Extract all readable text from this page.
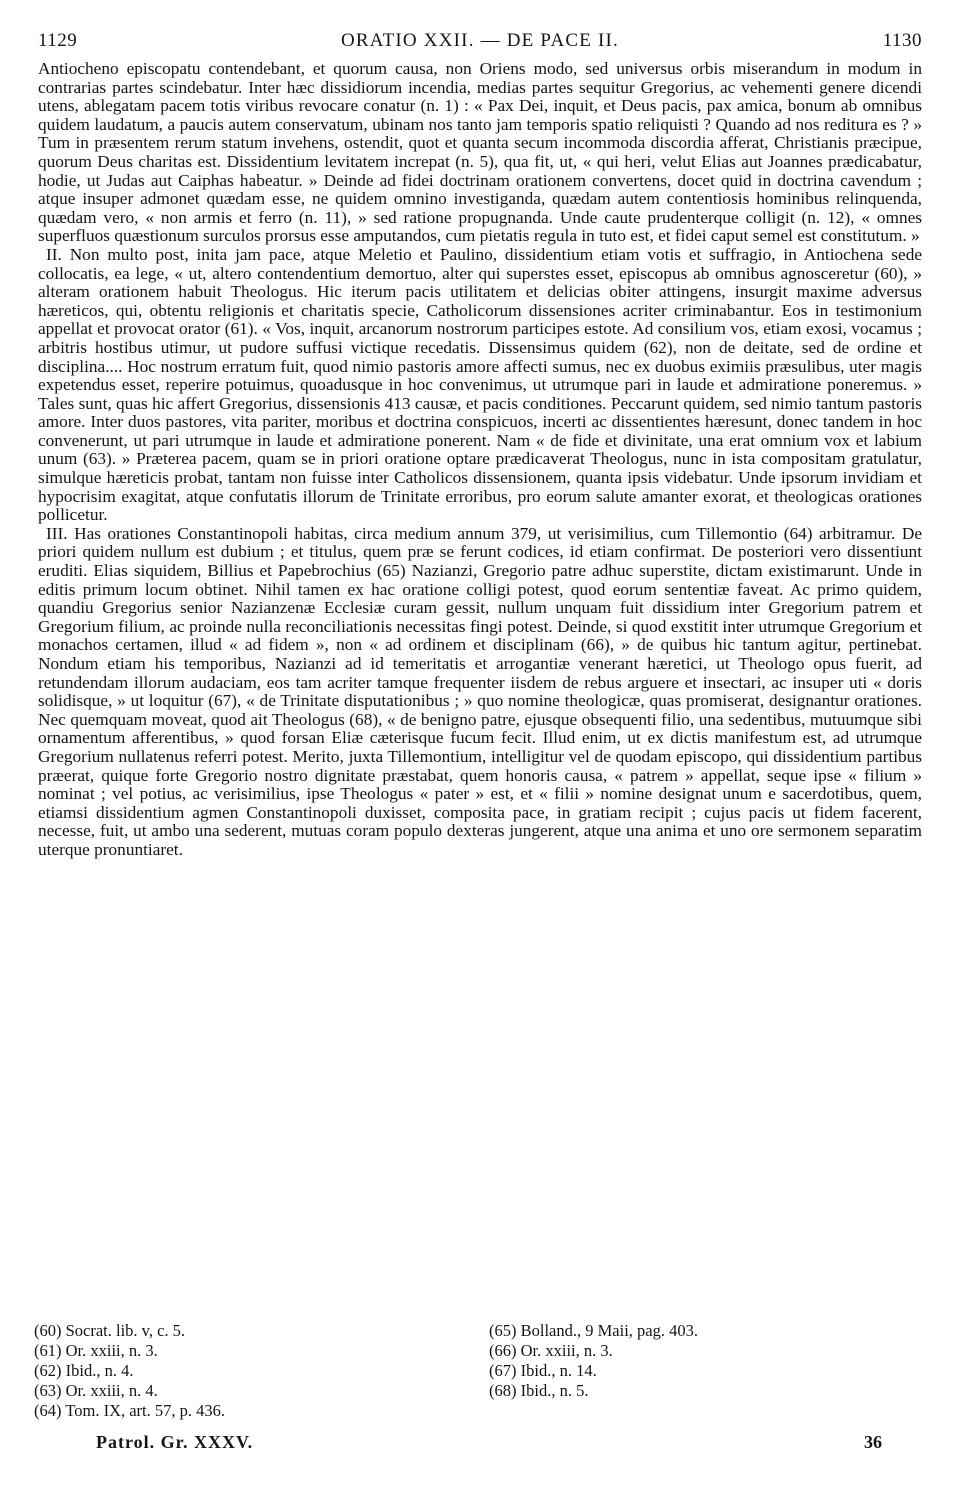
1129	ORATIO XXII. — DE PACE II.	1130

Antiocheno episcopatu contendebant, et quorum causa, non Oriens modo, sed universus orbis miserandum in modum in contrarias partes scindebatur. Inter hæc dissidiorum incendia, medias partes sequitur Gregorius, ac vehementi genere dicendi utens, ablegatam pacem totis viribus revocare conatur (n. 1) : « Pax Dei, inquit, et Deus pacis, pax amica, bonum ab omnibus quidem laudatum, a paucis autem conservatum, ubinam nos tanto jam temporis spatio reliquisti ? Quando ad nos reditura es ? » Tum in præsentem rerum statum invehens, ostendit, quot et quanta secum incommoda discordia afferat, Christianis præcipue, quorum Deus charitas est. Dissidentium levitatem increpat (n. 5), qua fit, ut, « qui heri, velut Elias aut Joannes prædicabatur, hodie, ut Judas aut Caiphas habeatur. » Deinde ad fidei doctrinam orationem convertens, docet quid in doctrina cavendum ; atque insuper admonet quædam esse, ne quidem omnino investiganda, quædam autem contentiosis hominibus relinquenda, quædam vero, « non armis et ferro (n. 11), » sed ratione propugnanda. Unde caute prudenterque colligit (n. 12), « omnes superfluos quæstionum surculos prorsus esse amputandos, cum pietatis regula in tuto est, et fidei caput semel est constitutum. »

II. Non multo post, inita jam pace, atque Meletio et Paulino, dissidentium etiam votis et suffragio, in Antiochena sede collocatis, ea lege, « ut, altero contendentium demortuo, alter qui superstes esset, episcopus ab omnibus agnosceretur (60), » alteram orationem habuit Theologus. Hic iterum pacis utilitatem et delicias obiter attingens, insurgit maxime adversus hæreticos, qui, obtentu religionis et charitatis specie, Catholicorum dissensiones acriter criminabantur. Eos in testimonium appellat et provocat orator (61). « Vos, inquit, arcanorum nostrorum participes estote. Ad consilium vos, etiam exosi, vocamus ; arbitris hostibus utimur, ut pudore suffusi victique recedatis. Dissensimus quidem (62), non de deitate, sed de ordine et disciplina.... Hoc nostrum erratum fuit, quod nimio pastoris amore affecti sumus, nec ex duobus eximiis præsulibus, uter magis expetendus esset, reperire potuimus, quoadusque in hoc convenimus, ut utrumque pari in laude et admiratione poneremus. » Tales sunt, quas hic affert Gregorius, dissensionis 413 causæ, et pacis conditiones. Peccarunt quidem, sed nimio tantum pastoris amore. Inter duos pastores, vita pariter, moribus et doctrina conspicuos, incerti ac dissentientes hæresunt, donec tandem in hoc convenerunt, ut pari utrumque in laude et admiratione ponerent. Nam « de fide et divinitate, una erat omnium vox et labium unum (63). » Præterea pacem, quam se in priori oratione optare prædicaverat Theologus, nunc in ista compositam gratulatur, simulque hæreticis probat, tantam non fuisse inter Catholicos dissensionem, quanta ipsis videbatur. Unde ipsorum invidiam et hypocrisim exagitat, atque confutatis illorum de Trinitate erroribus, pro eorum salute amanter exorat, et theologicas orationes pollicetur.

III. Has orationes Constantinopoli habitas, circa medium annum 379, ut verisimilius, cum Tillemontio (64) arbitramur. De priori quidem nullum est dubium ; et titulus, quem præ se ferunt codices, id etiam confirmat. De posteriori vero dissentiunt eruditi. Elias siquidem, Billius et Papebrochius (65) Nazianzi, Gregorio patre adhuc superstite, dictam existimarunt. Unde in editis primum locum obtinet. Nihil tamen ex hac oratione colligi potest, quod eorum sententiæ faveat. Ac primo quidem, quandiu Gregorius senior Nazianzenæ Ecclesiæ curam gessit, nullum unquam fuit dissidium inter Gregorium patrem et Gregorium filium, ac proinde nulla reconciliationis necessitas fingi potest. Deinde, si quod exstitit inter utrumque Gregorium et monachos certamen, illud « ad fidem », non « ad ordinem et disciplinam (66), » de quibus hic tantum agitur, pertinebat. Nondum etiam his temporibus, Nazianzi ad id temeritatis et arrogantiæ venerant hæretici, ut Theologo opus fuerit, ad retundendam illorum audaciam, eos tam acriter tamque frequenter iisdem de rebus arguere et insectari, ac insuper uti « doris solidisque, » ut loquitur (67), « de Trinitate disputationibus ; » quo nomine theologicæ, quas promiserat, designantur orationes. Nec quemquam moveat, quod ait Theologus (68), « de benigno patre, ejusque obsequenti filio, una sedentibus, mutuumque sibi ornamentum afferentibus, » quod forsan Eliæ cæterisque fucum fecit. Illud enim, ut ex dictis manifestum est, ad utrumque Gregorium nullatenus referri potest. Merito, juxta Tillemontium, intelligitur vel de quodam episcopo, qui dissidentium partibus præerat, quique forte Gregorio nostro dignitate præstabat, quem honoris causa, « patrem » appellat, seque ipse « filium » nominat ; vel potius, ac verisimilius, ipse Theologus « pater » est, et « filii » nomine designat unum e sacerdotibus, quem, etiamsi dissidentium agmen Constantinopoli duxisset, composita pace, in gratiam recipit ; cujus pacis ut fidem facerent, necesse, fuit, ut ambo una sederent, mutuas coram populo dexteras jungerent, atque una anima et uno ore sermonem separatim uterque pronuntiaret.

(60) Socrat. lib. v, c. 5.
(61) Or. xxiii, n. 3.
(62) Ibid., n. 4.
(63) Or. xxiii, n. 4.
(64) Tom. IX, art. 57, p. 436.
(65) Bolland., 9 Maii, pag. 403.
(66) Or. xxiii, n. 3.
(67) Ibid., n. 14.
(68) Ibid., n. 5.
Patrol. Gr. XXXV.	36
